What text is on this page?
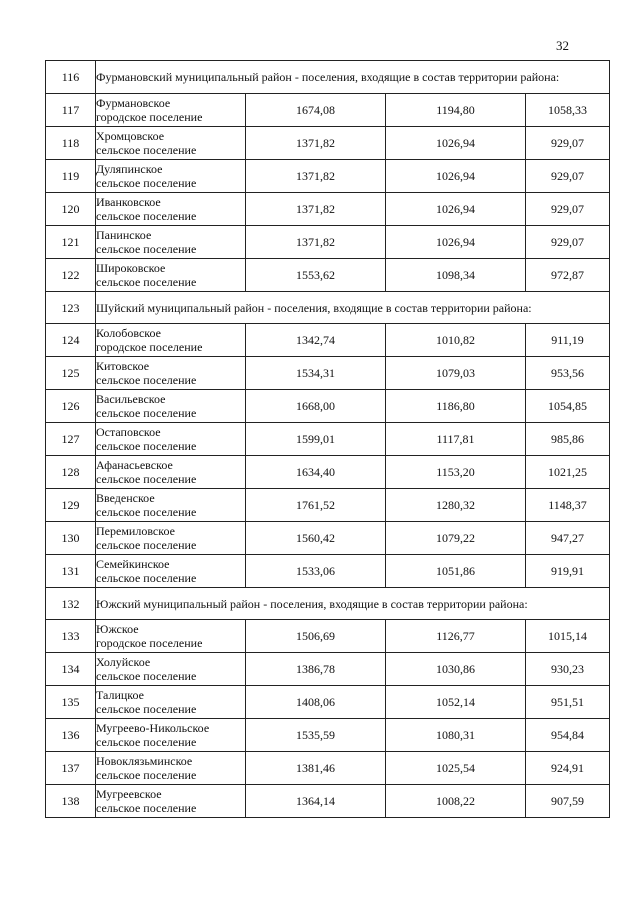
32
116	Фурмановский муниципальный район - поселения, входящие в состав территории района:			
117	Фурмановское
городское поселение	1674,08	1194,80	1058,33
118	Хромцовское
сельское поселение	1371,82	1026,94	929,07
119	Дуляпинское
сельское поселение	1371,82	1026,94	929,07
120	Иванковское
сельское поселение	1371,82	1026,94	929,07
121	Панинское
сельское поселение	1371,82	1026,94	929,07
122	Широковское
сельское поселение	1553,62	1098,34	972,87
123	Шуйский муниципальный район - поселения, входящие в состав территории района:			
124	Колобовское
городское поселение	1342,74	1010,82	911,19
125	Китовское
сельское поселение	1534,31	1079,03	953,56
126	Васильевское
сельское поселение	1668,00	1186,80	1054,85
127	Остаповское
сельское поселение	1599,01	1117,81	985,86
128	Афанасьевское
сельское поселение	1634,40	1153,20	1021,25
129	Введенское
сельское поселение	1761,52	1280,32	1148,37
130	Перемиловское
сельское поселение	1560,42	1079,22	947,27
131	Семейкинское
сельское поселение	1533,06	1051,86	919,91
132	Южский муниципальный район - поселения, входящие в состав территории района:			
133	Южское
городское поселение	1506,69	1126,77	1015,14
134	Холуйское
сельское поселение	1386,78	1030,86	930,23
135	Талицкое
сельское поселение	1408,06	1052,14	951,51
136	Мугреево-Никольское
сельское поселение	1535,59	1080,31	954,84
137	Новоклязьминское
сельское поселение	1381,46	1025,54	924,91
138	Мугреевское
сельское поселение	1364,14	1008,22	907,59
